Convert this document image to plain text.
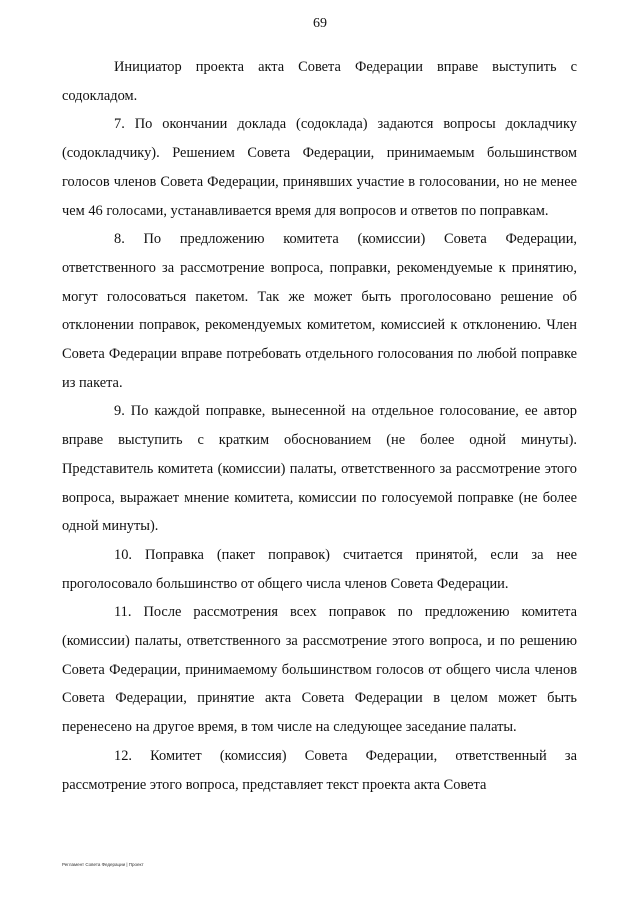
69

Инициатор проекта акта Совета Федерации вправе выступить с содокладом.

7. По окончании доклада (содоклада) задаются вопросы докладчику (содокладчику). Решением Совета Федерации, принимаемым большинством голосов членов Совета Федерации, принявших участие в голосовании, но не менее чем 46 голосами, устанавливается время для вопросов и ответов по поправкам.

8. По предложению комитета (комиссии) Совета Федерации, ответственного за рассмотрение вопроса, поправки, рекомендуемые к принятию, могут голосоваться пакетом. Так же может быть проголосовано решение об отклонении поправок, рекомендуемых комитетом, комиссией к отклонению. Член Совета Федерации вправе потребовать отдельного голосования по любой поправке из пакета.

9. По каждой поправке, вынесенной на отдельное голосование, ее автор вправе выступить с кратким обоснованием (не более одной минуты). Представитель комитета (комиссии) палаты, ответственного за рассмотрение этого вопроса, выражает мнение комитета, комиссии по голосуемой поправке (не более одной минуты).

10. Поправка (пакет поправок) считается принятой, если за нее проголосовало большинство от общего числа членов Совета Федерации.

11. После рассмотрения всех поправок по предложению комитета (комиссии) палаты, ответственного за рассмотрение этого вопроса, и по решению Совета Федерации, принимаемому большинством голосов от общего числа членов Совета Федерации, принятие акта Совета Федерации в целом может быть перенесено на другое время, в том числе на следующее заседание палаты.

12. Комитет (комиссия) Совета Федерации, ответственный за рассмотрение этого вопроса, представляет текст проекта акта Совета

Регламент Совета Федерации | Проект
